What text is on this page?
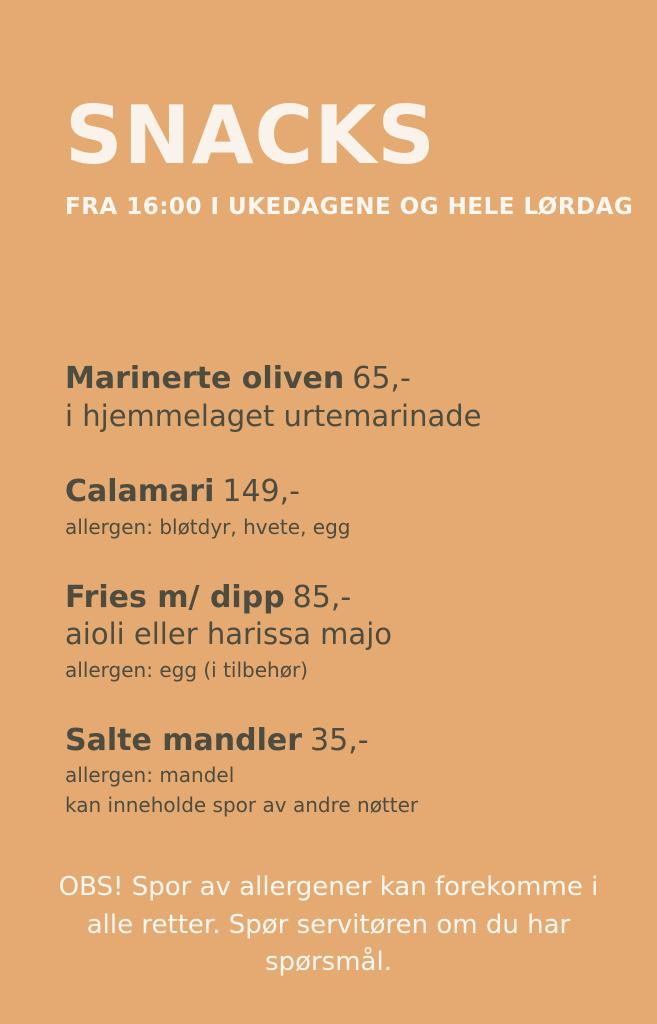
SNACKS
FRA 16:00 I UKEDAGENE OG HELE LØRDAG
Marinerte oliven 65,-
i hjemmelaget urtemarinade
Calamari 149,-
allergen: bløtdyr, hvete, egg
Fries m/ dipp 85,-
aioli eller harissa majo
allergen: egg (i tilbehør)
Salte mandler 35,-
allergen: mandel
kan inneholde spor av andre nøtter

OBS! Spor av allergener kan forekomme i alle retter. Spør servitøren om du har spørsmål.
